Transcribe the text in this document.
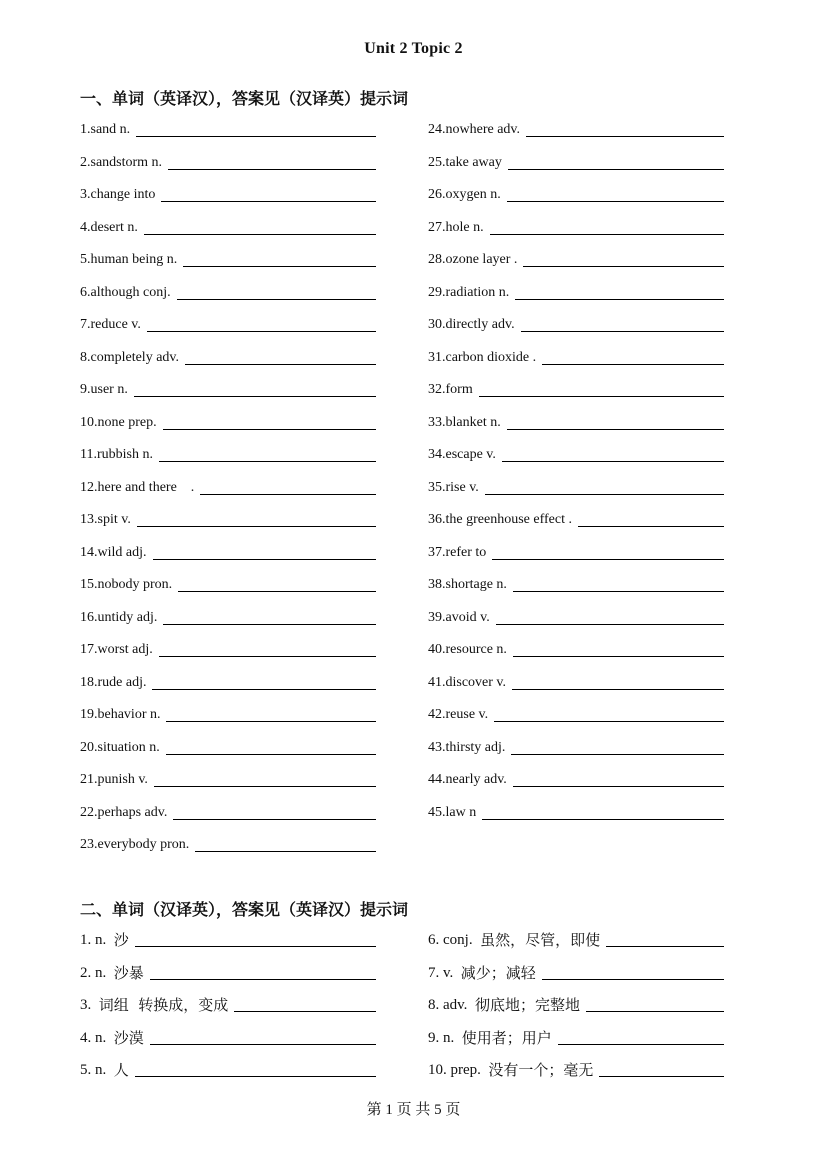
Unit 2 Topic 2
一、单词（英译汉），答案见（汉译英）提示词
1.sand n.
2.sandstorm n.
3.change into
4.desert n.
5.human being n.
6.although conj.
7.reduce v.
8.completely adv.
9.user n.
10.none prep.
11.rubbish n.
12.here and there    .
13.spit v.
14.wild adj.
15.nobody pron.
16.untidy adj.
17.worst adj.
18.rude adj.
19.behavior n.
20.situation n.
21.punish v.
22.perhaps adv.
23.everybody pron.
24.nowhere adv.
25.take away
26.oxygen n.
27.hole n.
28.ozone layer .
29.radiation n.
30.directly adv.
31.carbon dioxide .
32.form
33.blanket n.
34.escape v.
35.rise v.
36.the greenhouse effect .
37.refer to
38.shortage n.
39.avoid v.
40.resource n.
41.discover v.
42.reuse v.
43.thirsty adj.
44.nearly adv.
45.law n
二、单词（汉译英），答案见（英译汉）提示词
1. n.
沙
2. n.
沙暴
3.
词组  转换成，变成
4. n.
沙漠
5. n.
人
6. conj.
虽然，尽管，即使
7. v.
减少；减轻
8. adv.
彻底地；完整地
9. n.
使用者；用户
10. prep.
没有一个；毫无
第 1 页 共 5 页
